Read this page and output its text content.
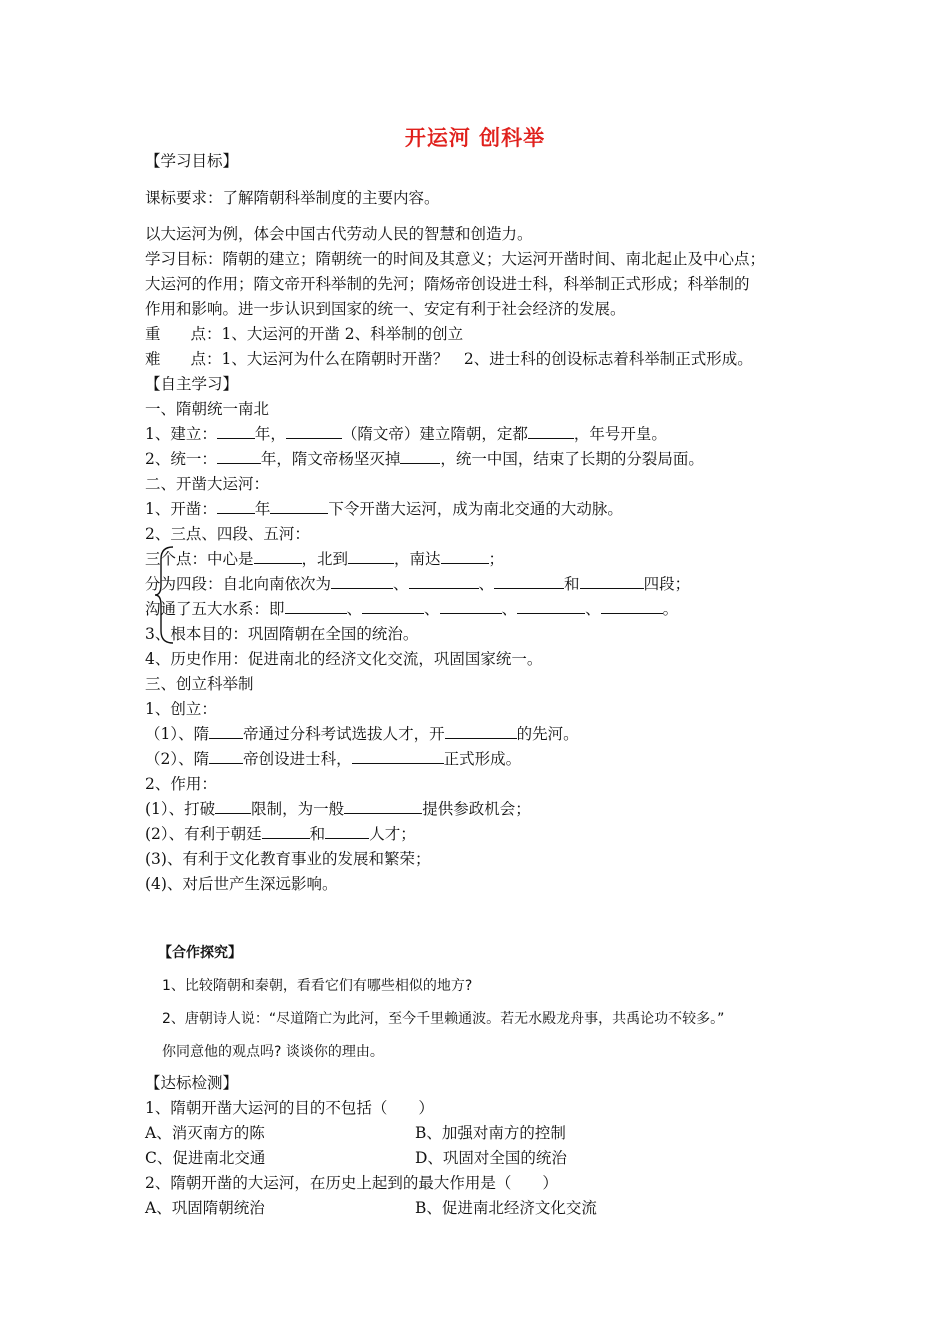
开运河 创科举
【学习目标】
课标要求：了解隋朝科举制度的主要内容。
以大运河为例，体会中国古代劳动人民的智慧和创造力。
学习目标：隋朝的建立；隋朝统一的时间及其意义；大运河开凿时间、南北起止及中心点；
大运河的作用；隋文帝开科举制的先河；隋炀帝创设进士科，科举制正式形成；科举制的
作用和影响。进一步认识到国家的统一、安定有利于社会经济的发展。
重 点：1、大运河的开凿 2、科举制的创立
难 点：1、大运河为什么在隋朝时开凿？　2、进士科的创设标志着科举制正式形成。
【自主学习】
一、隋朝统一南北
1、建立： 年，	（隋文帝）建立隋朝，定都	，年号开皇。
2、统一：	年，隋文帝杨坚灭掉	，统一中国，结束了长期的分裂局面。
二、开凿大运河：
1、开凿： 年	下令开凿大运河，成为南北交通的大动脉。
2、三点、四段、五河：
三个点：中心是	，北到	，南达	；
分为四段：自北向南依次为	、	、	和	四段；
沟通了五大水系：即	、	、	、	、	。
3、根本目的：巩固隋朝在全国的统治。
4、历史作用：促进南北的经济文化交流，巩固国家统一。
三、创立科举制
1、创立：
（1）、隋 帝通过分科考试选拔人才，开	的先河。
（2）、隋 帝创设进士科，	正式形成。
2、作用：
(1）、打破 限制，为一般	提供参政机会；
(2）、有利于朝廷	和	人才；
(3)、有利于文化教育事业的发展和繁荣；
(4)、对后世产生深远影响。
【合作探究】
1、比较隋朝和秦朝，看看它们有哪些相似的地方?
2、唐朝诗人说：“尽道隋亡为此河，至今千里赖通波。若无水殿龙舟事，共禹论功不较多。”
你同意他的观点吗? 谈谈你的理由。
【达标检测】
1、隋朝开凿大运河的目的不包括（　　）
A、消灭南方的陈	B、加强对南方的控制
C、促进南北交通	D、巩固对全国的统治
2、隋朝开凿的大运河，在历史上起到的最大作用是（　　）
A、巩固隋朝统治	B、促进南北经济文化交流
